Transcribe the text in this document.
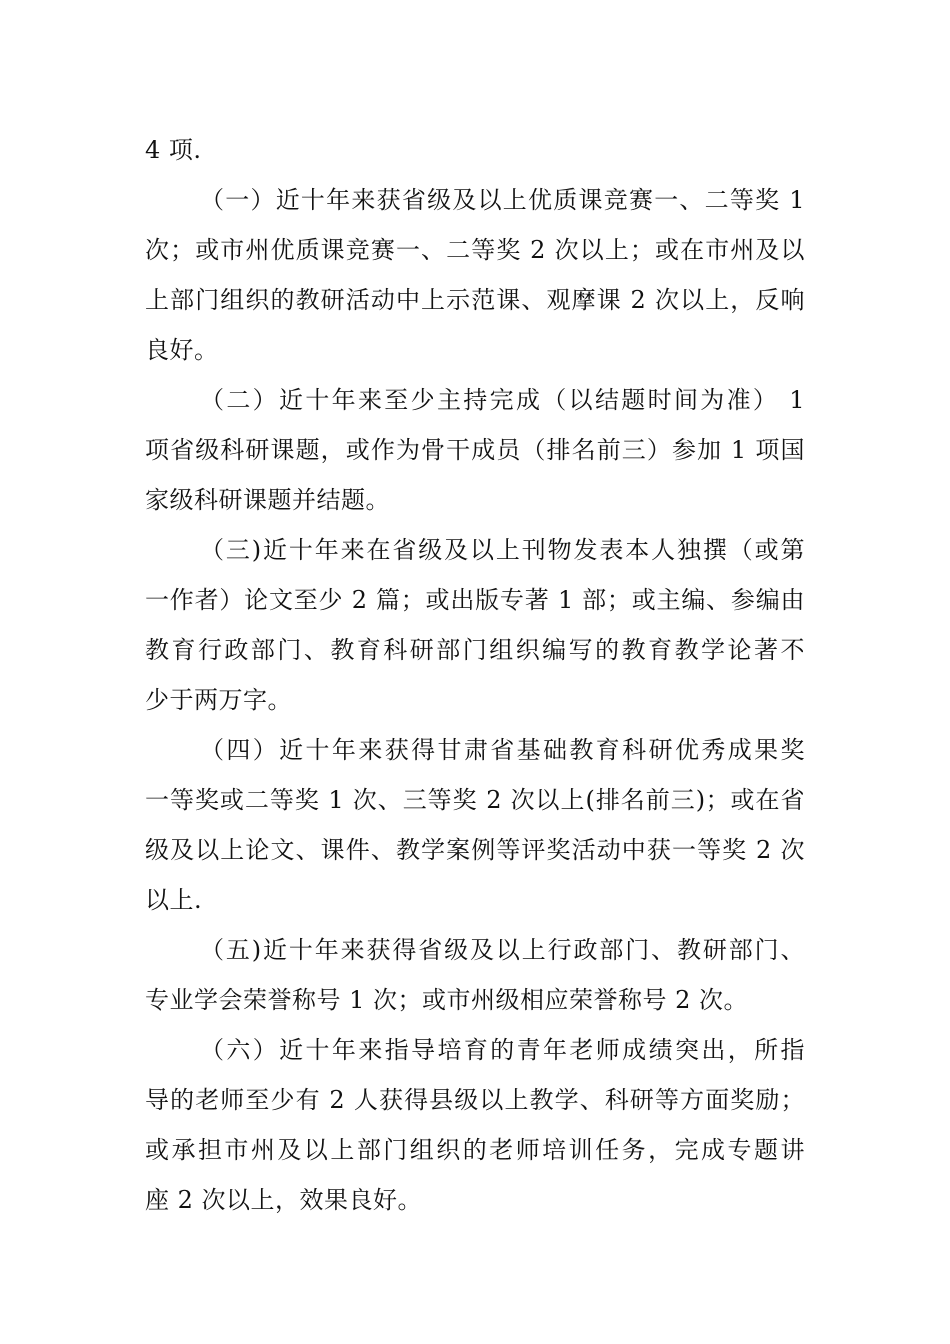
4 项.
（一）近十年来获省级及以上优质课竞赛一、二等奖 1
次；或市州优质课竞赛一、二等奖 2 次以上；或在市州及以
上部门组织的教研活动中上示范课、观摩课 2 次以上，反响
良好。
（二）近十年来至少主持完成（以结题时间为准） 1
项省级科研课题，或作为骨干成员（排名前三）参加 1 项国
家级科研课题并结题。
（三)近十年来在省级及以上刊物发表本人独撰（或第
一作者）论文至少 2 篇；或出版专著 1 部；或主编、参编由
教育行政部门、教育科研部门组织编写的教育教学论著不
少于两万字。
（四）近十年来获得甘肃省基础教育科研优秀成果奖
一等奖或二等奖 1 次、三等奖 2 次以上(排名前三)；或在省
级及以上论文、课件、教学案例等评奖活动中获一等奖 2 次
以上.
（五)近十年来获得省级及以上行政部门、教研部门、
专业学会荣誉称号 1 次；或市州级相应荣誉称号 2 次。
（六）近十年来指导培育的青年老师成绩突出，所指
导的老师至少有 2 人获得县级以上教学、科研等方面奖励；
或承担市州及以上部门组织的老师培训任务，完成专题讲
座 2 次以上，效果良好。
